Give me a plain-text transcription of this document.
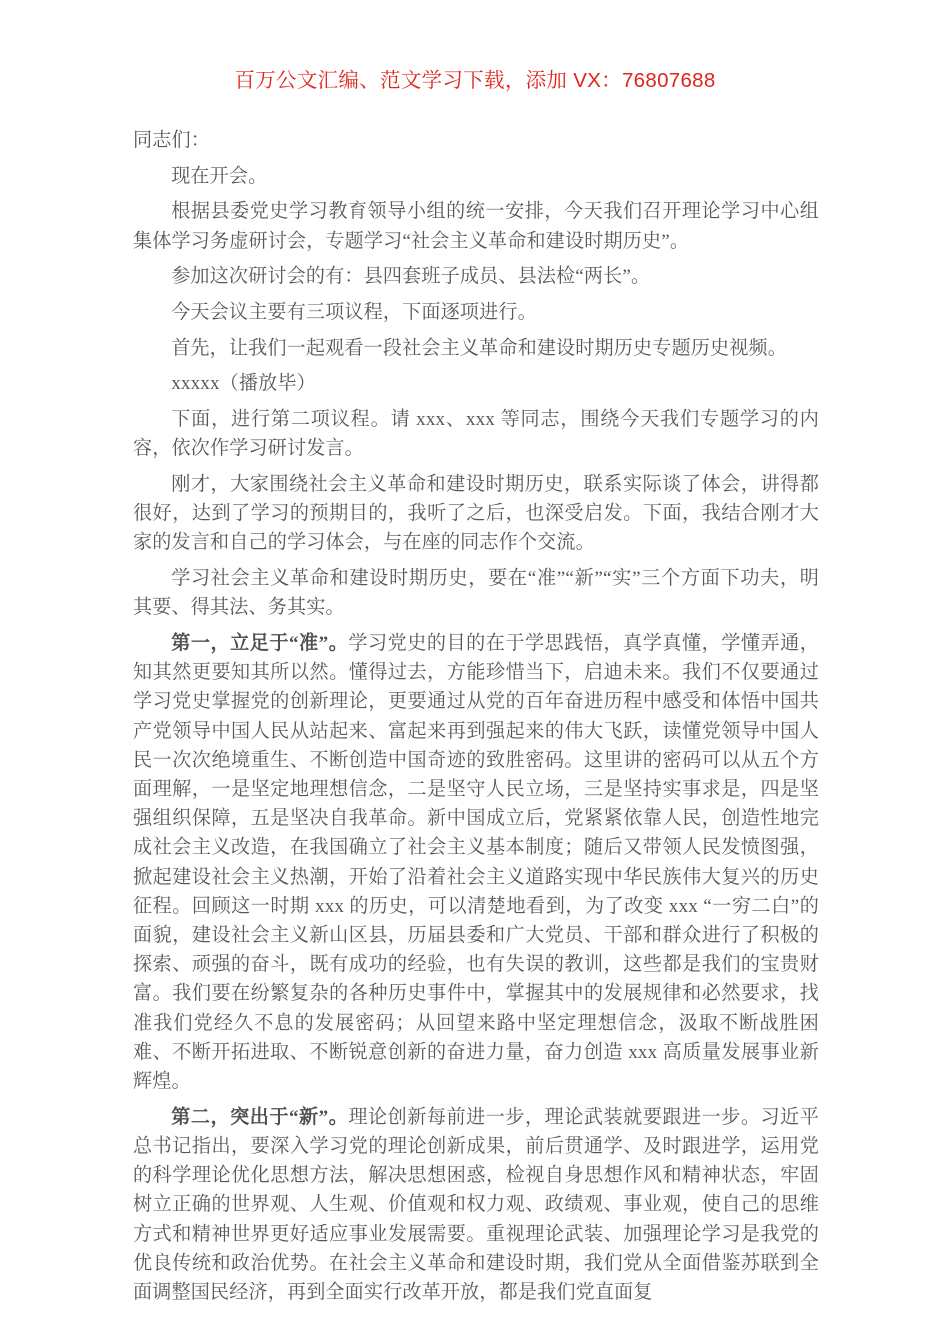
百万公文汇编、范文学习下载，添加 VX：76807688

同志们：

现在开会。

根据县委党史学习教育领导小组的统一安排，今天我们召开理论学习中心组集体学习务虚研讨会，专题学习“社会主义革命和建设时期历史”。

参加这次研讨会的有：县四套班子成员、县法检“两长”。

今天会议主要有三项议程，下面逐项进行。

首先，让我们一起观看一段社会主义革命和建设时期历史专题历史视频。

xxxxx（播放毕）

下面，进行第二项议程。请 xxx、xxx 等同志，围绕今天我们专题学习的内容，依次作学习研讨发言。

刚才，大家围绕社会主义革命和建设时期历史，联系实际谈了体会，讲得都很好，达到了学习的预期目的，我听了之后，也深受启发。下面，我结合刚才大家的发言和自己的学习体会，与在座的同志作个交流。

学习社会主义革命和建设时期历史，要在“准”“新”“实”三个方面下功夫，明其要、得其法、务其实。

第一，立足于“准”。学习党史的目的在于学思践悟，真学真懂，学懂弄通，知其然更要知其所以然。懂得过去，方能珍惜当下，启迪未来。我们不仅要通过学习党史掌握党的创新理论，更要通过从党的百年奋进历程中感受和体悟中国共产党领导中国人民从站起来、富起来再到强起来的伟大飞跃，读懂党领导中国人民一次次绝境重生、不断创造中国奇迹的致胜密码。这里讲的密码可以从五个方面理解，一是坚定地理想信念，二是坚守人民立场，三是坚持实事求是，四是坚强组织保障，五是坚决自我革命。新中国成立后，党紧紧依靠人民，创造性地完成社会主义改造，在我国确立了社会主义基本制度；随后又带领人民发愤图强，掀起建设社会主义热潮，开始了沿着社会主义道路实现中华民族伟大复兴的历史征程。回顾这一时期 xxx 的历史，可以清楚地看到，为了改变 xxx “一穷二白”的面貌，建设社会主义新山区县，历届县委和广大党员、干部和群众进行了积极的探索、顽强的奋斗，既有成功的经验，也有失误的教训，这些都是我们的宝贵财富。我们要在纷繁复杂的各种历史事件中，掌握其中的发展规律和必然要求，找准我们党经久不息的发展密码；从回望来路中坚定理想信念，汲取不断战胜困难、不断开拓进取、不断锐意创新的奋进力量，奋力创造 xxx 高质量发展事业新辉煌。

第二，突出于“新”。理论创新每前进一步，理论武装就要跟进一步。习近平总书记指出，要深入学习党的理论创新成果，前后贯通学、及时跟进学，运用党的科学理论优化思想方法，解决思想困惑，检视自身思想作风和精神状态，牢固树立正确的世界观、人生观、价值观和权力观、政绩观、事业观，使自己的思维方式和精神世界更好适应事业发展需要。重视理论武装、加强理论学习是我党的优良传统和政治优势。在社会主义革命和建设时期，我们党从全面借鉴苏联到全面调整国民经济，再到全面实行改革开放，都是我们党直面复
